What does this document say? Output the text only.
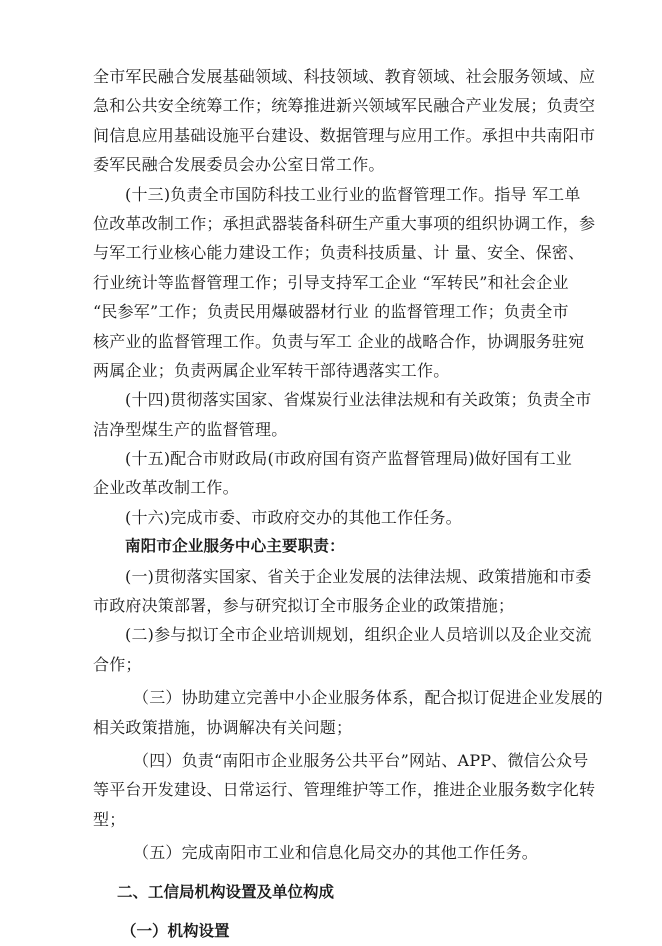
全市军民融合发展基础领域、科技领域、教育领域、社会服务领域、应
急和公共安全统筹工作；统筹推进新兴领域军民融合产业发展；负责空
间信息应用基础设施平台建设、数据管理与应用工作。承担中共南阳市
委军民融合发展委员会办公室日常工作。
(十三)负责全市国防科技工业行业的监督管理工作。指导 军工单
位改革改制工作；承担武器装备科研生产重大事项的组织协调工作，参
与军工行业核心能力建设工作；负责科技质量、计 量、安全、保密、
行业统计等监督管理工作；引导支持军工企业 “军转民”和社会企业
“民参军”工作；负责民用爆破器材行业 的监督管理工作；负责全市
核产业的监督管理工作。负责与军工 企业的战略合作，协调服务驻宛
两属企业；负责两属企业军转干部待遇落实工作。
(十四)贯彻落实国家、省煤炭行业法律法规和有关政策；负责全市
洁净型煤生产的监督管理。
(十五)配合市财政局(市政府国有资产监督管理局)做好国有工业
企业改革改制工作。
(十六)完成市委、市政府交办的其他工作任务。
南阳市企业服务中心主要职责：
(一)贯彻落实国家、省关于企业发展的法律法规、政策措施和市委
市政府决策部署，参与研究拟订全市服务企业的政策措施；
(二)参与拟订全市企业培训规划，组织企业人员培训以及企业交流
合作；
（三）协助建立完善中小企业服务体系，配合拟订促进企业发展的
相关政策措施，协调解决有关问题；
（四）负责“南阳市企业服务公共平台”网站、APP、微信公众号
等平台开发建设、日常运行、管理维护等工作，推进企业服务数字化转
型；
（五）完成南阳市工业和信息化局交办的其他工作任务。
二、工信局机构设置及单位构成
（一）机构设置
